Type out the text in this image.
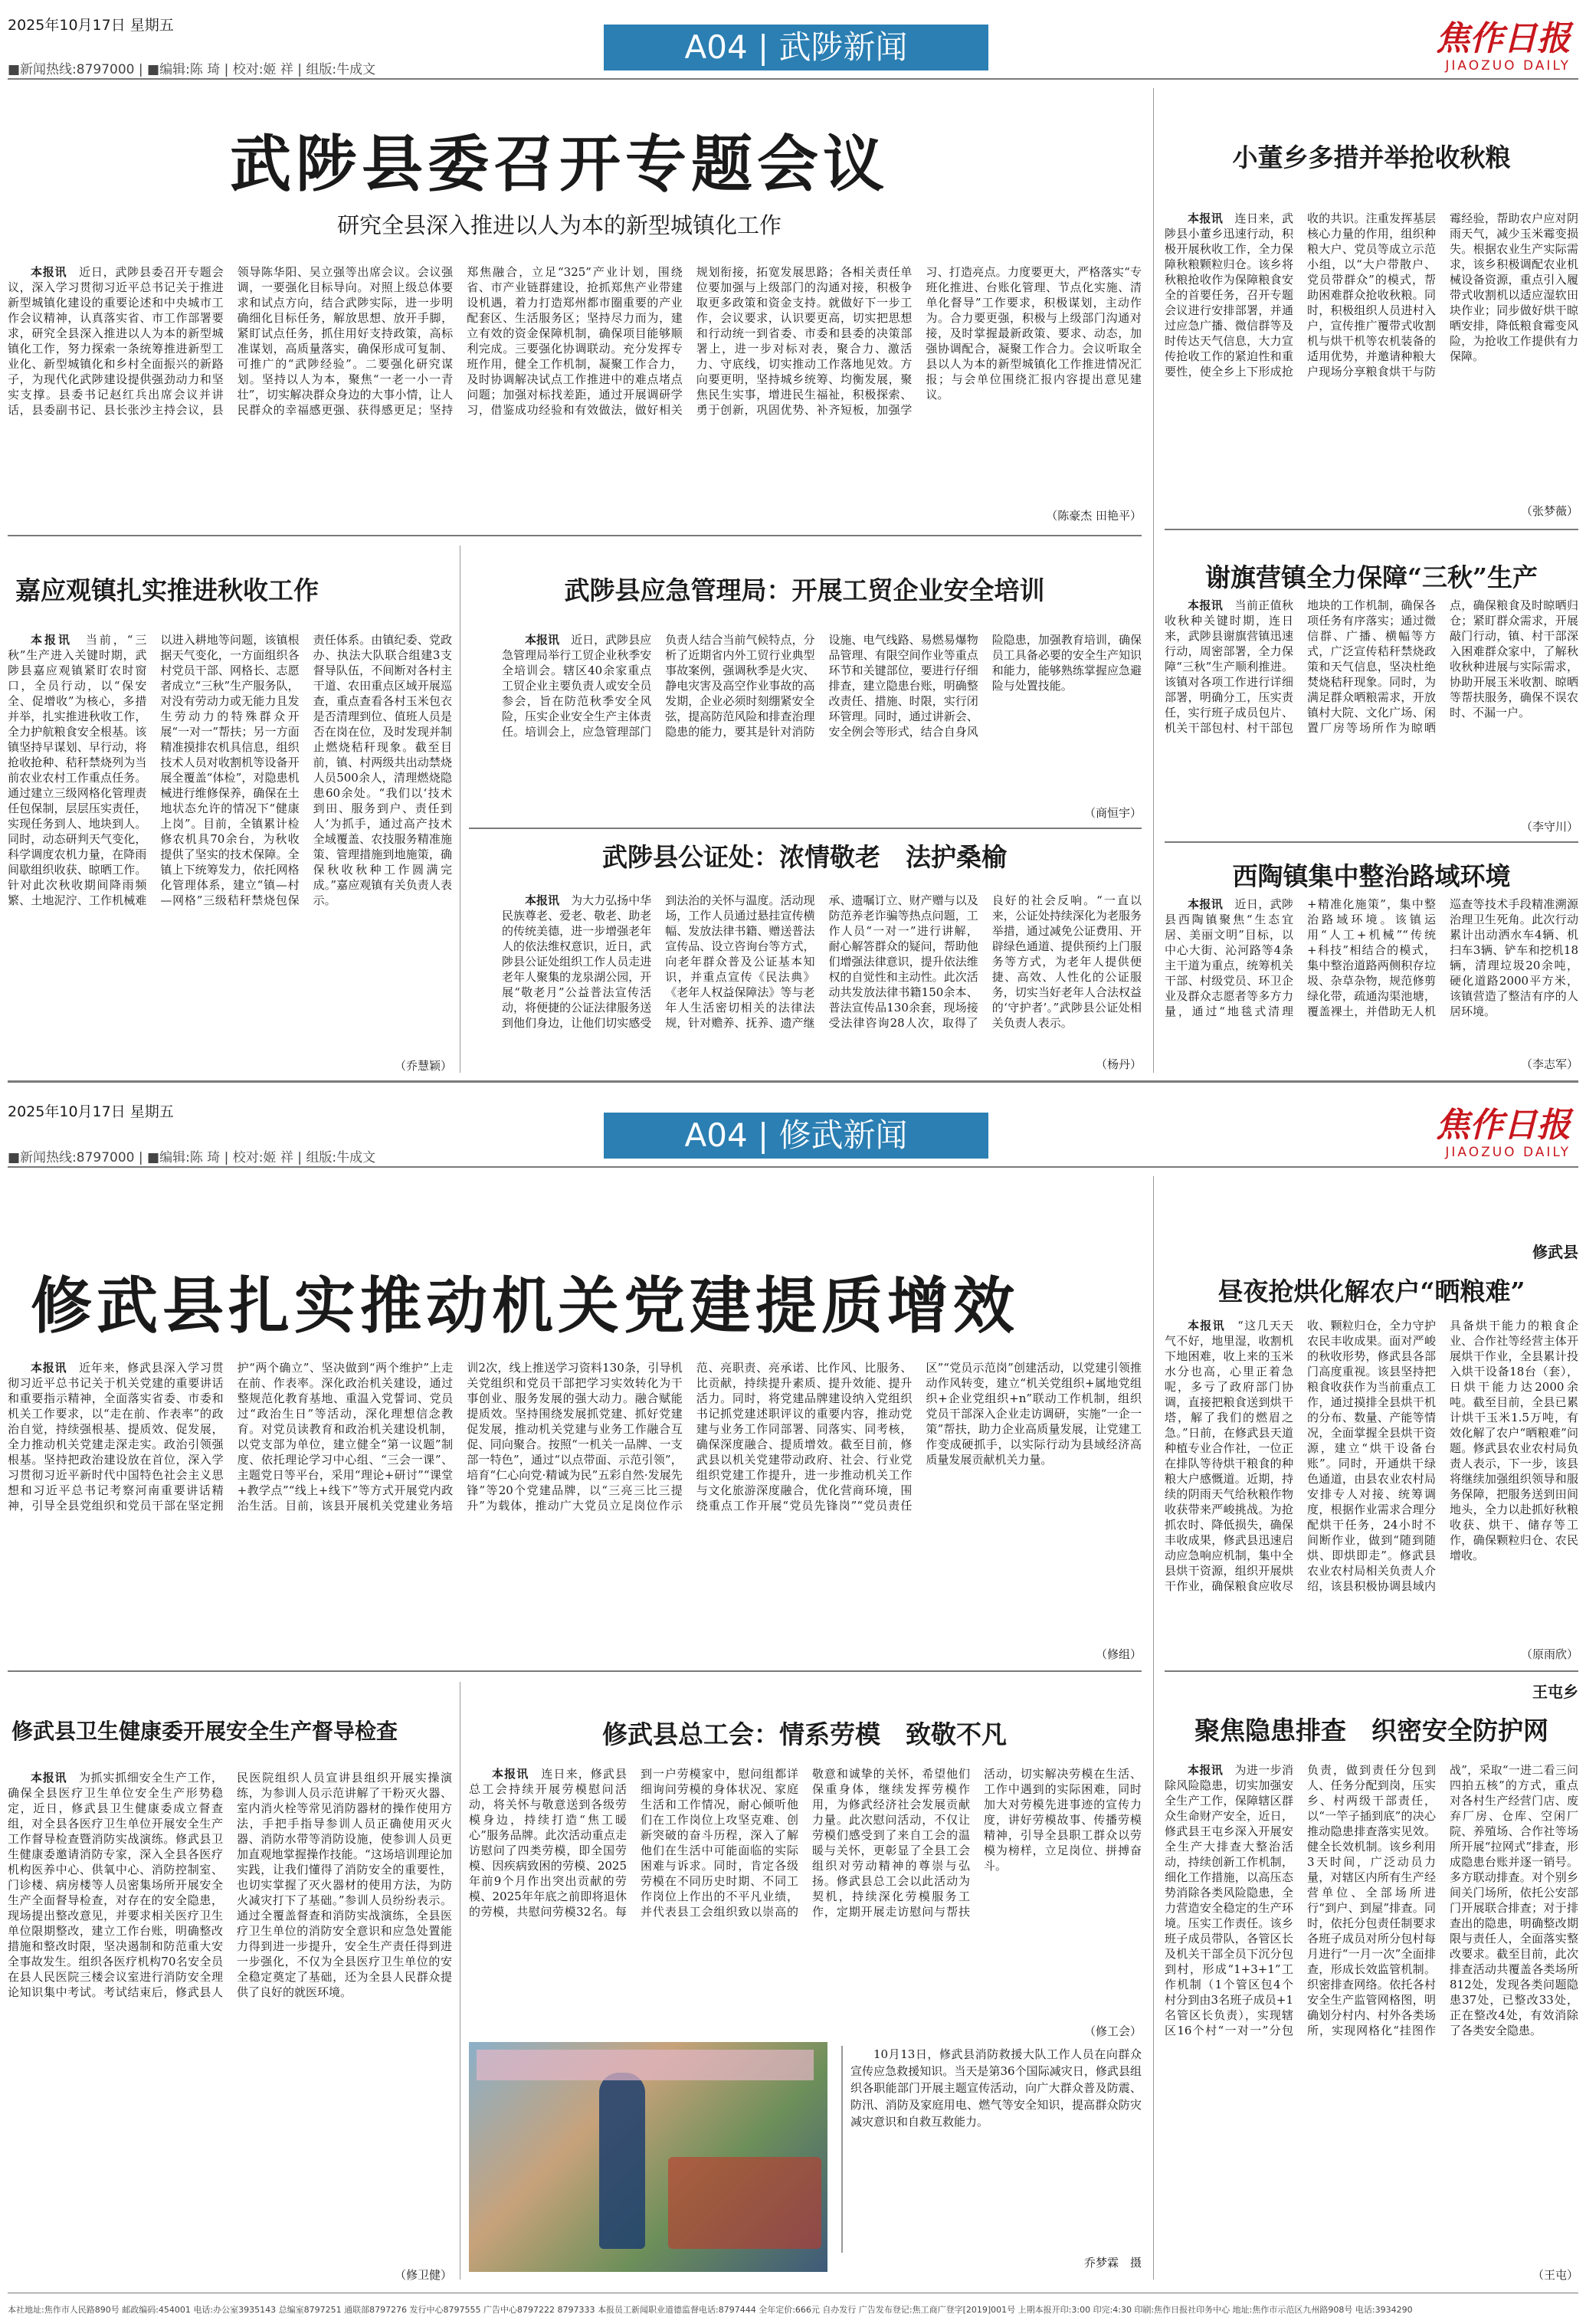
2025年10月17日 星期五
■新闻热线:8797000 | ■编辑:陈 琦 | 校对:姬 祥 | 组版:牛成文
A04 | 武陟新闻	焦作日报
JIAOZUO DAILY
武陟县委召开专题会议
研究全县深入推进以人为本的新型城镇化工作
本报讯　 近日，武陟县委召开专题会议，深入学习贯彻习近平总书记关于推进新型城镇化建设的重要论述和中央城市工作会议精神，认真落实省、市工作部署要求，研究全县深入推进以人为本的新型城镇化工作，努力探索一条统筹推进新型工业化、新型城镇化和乡村全面振兴的新路子，为现代化武陟建设提供强劲动力和坚实支撑。县委书记赵红兵出席会议并讲话，县委副书记、县长张沙主持会议，县领导陈华阳、吴立强等出席会议。会议强调，一要强化目标导向。对照上级总体要求和试点方向，结合武陟实际，进一步明确细化目标任务，解放思想、放开手脚，紧盯试点任务，抓住用好支持政策，高标准谋划，高质量落实，确保形成可复制、可推广的“武陟经验”。二要强化研究谋划。坚持以人为本，聚焦“一老一小一青壮”，切实解决群众身边的大事小情，让人民群众的幸福感更强、获得感更足；坚持郑焦融合，立足“325”产业计划，围绕省、市产业链群建设，抢抓郑焦产业带建设机遇，着力打造郑州都市圈重要的产业配套区、生活服务区；坚持尽力而为，建立有效的资金保障机制，确保项目能够顺利完成。三要强化协调联动。充分发挥专班作用，健全工作机制，凝聚工作合力，及时协调解决试点工作推进中的难点堵点问题；加强对标找差距，通过开展调研学习，借鉴成功经验和有效做法，做好相关规划衔接，拓宽发展思路；各相关责任单位要加强与上级部门的沟通对接，积极争取更多政策和资金支持。就做好下一步工作，会议要求，认识要更高，切实把思想和行动统一到省委、市委和县委的决策部署上，进一步对标对表，聚合力、激活力、守底线，切实推动工作落地见效。方向要更明，坚持城乡统筹、均衡发展，聚焦民生实事，增进民生福祉，积极探索、勇于创新，巩固优势、补齐短板，加强学习、打造亮点。力度要更大，严格落实“专班化推进、台账化管理、节点化实施、清单化督导”工作要求，积极谋划，主动作为。合力要更强，积极与上级部门沟通对接，及时掌握最新政策、要求、动态，加强协调配合，凝聚工作合力。会议听取全县以人为本的新型城镇化工作推进情况汇报；与会单位围绕汇报内容提出意见建议。
（陈豪杰 田艳平）
小董乡多措并举抢收秋粮
本报讯　 连日来，武陟县小董乡迅速行动，积极开展秋收工作，全力保障秋粮颗粒归仓。该乡将秋粮抢收作为保障粮食安全的首要任务，召开专题会议进行安排部署，并通过应急广播、微信群等及时传达天气信息，大力宣传抢收工作的紧迫性和重要性，使全乡上下形成抢收的共识。注重发挥基层核心力量的作用，组织种粮大户、党员等成立示范小组，以“大户带散户、党员带群众”的模式，帮助困难群众抢收秋粮。同时，积极组织人员进村入户，宣传推广覆带式收割机与烘干机等农机装备的适用优势，并邀请种粮大户现场分享粮食烘干与防霉经验，帮助农户应对阴雨天气，减少玉米霉变损失。根据农业生产实际需求，该乡积极调配农业机械设备资源，重点引入履带式收割机以适应湿软田块作业；同步做好烘干晾晒安排，降低粮食霉变风险，为抢收工作提供有力保障。
（张梦薇）
谢旗营镇全力保障“三秋”生产
本报讯　 当前正值秋收秋种关键时期，连日来，武陟县谢旗营镇迅速行动，周密部署，全力保障“三秋”生产顺利推进。该镇对各项工作进行详细部署，明确分工，压实责任，实行班子成员包片、机关干部包村、村干部包地块的工作机制，确保各项任务有序落实；通过微信群、广播、横幅等方式，广泛宣传秸秆禁烧政策和天气信息，坚决杜绝焚烧秸秆现象。同时，为满足群众晒粮需求，开放镇村大院、文化广场、闲置厂房等场所作为晾晒点，确保粮食及时晾晒归仓；紧盯群众需求，开展敲门行动，镇、村干部深入困难群众家中，了解秋收秋种进展与实际需求，协助开展玉米收割、晾晒等帮扶服务，确保不误农时、不漏一户。
（李守川）
西陶镇集中整治路域环境
本报讯　 近日，武陟县西陶镇聚焦“生态宜居、美丽文明”目标，以中心大街、沁河路等4条主干道为重点，统筹机关干部、村级党员、环卫企业及群众志愿者等多方力量，通过“地毯式清理+精准化施策”，集中整治路域环境。该镇运用“人工+机械”“传统+科技”相结合的模式，集中整治道路两侧积存垃圾、杂草杂物，规范修剪绿化带，疏通沟渠池塘，覆盖裸土，并借助无人机巡查等技术手段精准溯源治理卫生死角。此次行动累计出动洒水车4辆、机扫车3辆、铲车和挖机18辆，清理垃圾20余吨，硬化道路2000平方米，该镇营造了整洁有序的人居环境。
（李志军）
嘉应观镇扎实推进秋收工作
本报讯　 当前，“三秋”生产进入关键时期，武陟县嘉应观镇紧盯农时窗口，全员行动，以“保安全、促增收”为核心，多措并举，扎实推进秋收工作，全力护航粮食安全根基。该镇坚持早谋划、早行动，将抢收抢种、秸秆禁烧列为当前农业农村工作重点任务。通过建立三级网格化管理责任包保制，层层压实责任，实现任务到人、地块到人。同时，动态研判天气变化，科学调度农机力量，在降雨间歇组织收获、晾晒工作。针对此次秋收期间降雨频繁、土地泥泞、工作机械难以进入耕地等问题，该镇根据天气变化，一方面组织各村党员干部、网格长、志愿者成立“三秋”生产服务队，对没有劳动力或无能力且发生劳动力的特殊群众开展“一对一”帮扶；另一方面精准摸排农机具信息，组织技术人员对收割机等设备开展全覆盖“体检”，对隐患机械进行维修保养，确保在土地状态允许的情况下“健康上岗”。目前，全镇累计检修农机具70余台，为秋收提供了坚实的技术保障。全镇上下统筹发力，依托网格化管理体系，建立“镇—村—网格”三级秸秆禁烧包保责任体系。由镇纪委、党政办、执法大队联合组建3支督导队伍，不间断对各村主干道、农田重点区域开展巡查，重点查看各村玉米包衣是否清理到位、值班人员是否在岗在位，及时发现并制止燃烧秸秆现象。截至目前，镇、村两级共出动禁烧人员500余人，清理燃烧隐患60余处。“我们以‘技术到田、服务到户、责任到人’为抓手，通过高产技术全域覆盖、农技服务精准施策、管理措施到地施策，确保秋收秋种工作圆满完成。”嘉应观镇有关负责人表示。
（乔慧颖）
武陟县应急管理局：开展工贸企业安全培训
本报讯　 近日，武陟县应急管理局举行工贸企业秋季安全培训会。辖区40余家重点工贸企业主要负责人或安全员参会，旨在防范秋季安全风险，压实企业安全生产主体责任。培训会上，应急管理部门负责人结合当前气候特点，分析了近期省内外工贸行业典型事故案例，强调秋季是火灾、静电灾害及高空作业事故的高发期，企业必须时刻绷紧安全弦，提高防范风险和排查治理隐患的能力，要其是针对消防设施、电气线路、易燃易爆物品管理、有限空间作业等重点环节和关键部位，要进行仔细排查，建立隐患台账，明确整改责任、措施、时限，实行闭环管理。同时，通过讲新会、安全例会等形式，结合自身风险隐患，加强教育培训，确保员工具备必要的安全生产知识和能力，能够熟练掌握应急避险与处置技能。
（商恒宇）
武陟县公证处：浓情敬老　法护桑榆
本报讯　 为大力弘扬中华民族尊老、爱老、敬老、助老的传统美德，进一步增强老年人的依法维权意识，近日，武陟县公证处组织工作人员走进老年人聚集的龙泉湖公园，开展“敬老月”公益普法宣传活动，将便捷的公证法律服务送到他们身边，让他们切实感受到法治的关怀与温度。活动现场，工作人员通过悬挂宣传横幅、发放法律书籍、赠送普法宣传品、设立咨询台等方式，向老年群众普及公证基本知识，并重点宣传《民法典》《老年人权益保障法》等与老年人生活密切相关的法律法规，针对赡养、抚养、遗产继承、遗嘱订立、财产赠与以及防范养老诈骗等热点问题，工作人员“一对一”进行讲解，耐心解答群众的疑问，帮助他们增强法律意识，提升依法维权的自觉性和主动性。此次活动共发放法律书籍150余本、普法宣传品130余套，现场接受法律咨询28人次，取得了良好的社会反响。“一直以来，公证处持续深化为老服务举措，通过减免公证费用、开辟绿色通道、提供预约上门服务等方式，为老年人提供便捷、高效、人性化的公证服务，切实当好老年人合法权益的‘守护者’。”武陟县公证处相关负责人表示。
（杨丹）
2025年10月17日 星期五
■新闻热线:8797000 | ■编辑:陈 琦 | 校对:姬 祥 | 组版:牛成文
A04 | 修武新闻	焦作日报
JIAOZUO DAILY
修武县扎实推动机关党建提质增效
本报讯　 近年来，修武县深入学习贯彻习近平总书记关于机关党建的重要讲话和重要指示精神，全面落实省委、市委和机关工作要求，以“走在前、作表率”的政治自觉，持续强根基、提质效、促发展，全力推动机关党建走深走实。政治引领强根基。坚持把政治建设放在首位，深入学习贯彻习近平新时代中国特色社会主义思想和习近平总书记考察河南重要讲话精神，引导全县党组织和党员干部在坚定拥护“两个确立”、坚决做到“两个维护”上走在前、作表率。深化政治机关建设，通过整规范化教育基地、重温入党誓词、党员过“政治生日”等活动，深化理想信念教育。对党员读教育和政治机关建设机制，以党支部为单位，建立健全“第一议题”制度、依托理论学习中心组、“三会一课”、主题党日等平台，采用“理论+研讨”“课堂+教学点”“线上+线下”等方式开展党内政治生活。目前，该县开展机关党建业务培训2次，线上推送学习资料130条，引导机关党组织和党员干部把学习实效转化为干事创业、服务发展的强大动力。融合赋能提质效。坚持围绕发展抓党建、抓好党建促发展，推动机关党建与业务工作融合互促、同向聚合。按照“一机关一品牌、一支部一特色”，通过“以点带面、示范引领”，培育“仁心向党·精诚为民”五彩自然·发展先锋”等20个党建品牌，以“三亮三比三提升”为载体，推动广大党员立足岗位作示范、亮职责、亮承诺、比作风、比服务、比贡献，持续提升素质、提升效能、提升活力。同时，将党建品牌建设纳入党组织书记抓党建述职评议的重要内容，推动党建与业务工作同部署、同落实、同考核，确保深度融合、提质增效。截至目前，修武县以机关党建带动政府、社会、行业党组织党建工作提升，进一步推动机关工作与文化旅游深度融合，优化营商环境，围绕重点工作开展“党员先锋岗”“党员责任区”“党员示范岗”创建活动，以党建引领推动作风转变，建立“机关党组织+属地党组织+企业党组织+n”联动工作机制，组织党员干部深入企业走访调研，实施“一企一策”帮扶，助力企业高质量发展，让党建工作变成硬抓手，以实际行动为县域经济高质量发展贡献机关力量。
（修组）
修武县
昼夜抢烘化解农户“晒粮难”
本报讯　 “这几天天气不好，地里湿，收割机下地困难，收上来的玉米水分也高，心里正着急呢，多亏了政府部门协调，直接把粮食送到烘干塔，解了我们的燃眉之急。”日前，在修武县天道种植专业合作社，一位正在排队等待烘干粮食的种粮大户感慨道。近期，持续的阴雨天气给秋粮作物收获带来严峻挑战。为抢抓农时、降低损失，确保丰收成果，修武县迅速启动应急响应机制，集中全县烘干资源，组织开展烘干作业，确保粮食应收尽收、颗粒归仓，全力守护农民丰收成果。面对严峻的秋收形势，修武县各部门高度重视。该县坚持把粮食收获作为当前重点工作，通过摸排全县烘干机的分布、数量、产能等情况，全面掌握全县烘干资源，建立“烘干设备台账”。同时，开通烘干绿色通道，由县农业农村局安排专人对接、统筹调度，根据作业需求合理分配烘干任务，24小时不间断作业，做到“随到随烘、即烘即走”。修武县农业农村局相关负责人介绍，该县积极协调县域内具备烘干能力的粮食企业、合作社等经营主体开展烘干作业，全县累计投入烘干设备18台（套），日烘干能力达2000余吨。截至目前，全县已累计烘干玉米1.5万吨，有效化解了农户“晒粮难”问题。修武县农业农村局负责人表示，下一步，该县将继续加强组织领导和服务保障，把服务送到田间地头，全力以赴抓好秋粮收获、烘干、储存等工作，确保颗粒归仓、农民增收。
（原雨欣）
王屯乡
聚焦隐患排查　织密安全防护网
本报讯　 为进一步消除风险隐患，切实加强安全生产工作，保障辖区群众生命财产安全，近日，修武县王屯乡深入开展安全生产大排查大整治活动，持续创新工作机制，细化工作措施，以高压态势消除各类风险隐患，全力营造安全稳定的生产环境。压实工作责任。该乡班子成员带队，各管区长及机关干部全员下沉分包到村，形成“1+3+1”工作机制（1个管区包4个村分到由3名班子成员+1名管区长负责），实现辖区16个村“一对一”分包负责，做到责任分包到人、任务分配到岗，压实乡、村两级干部责任，以“一竿子插到底”的决心推动隐患排查落实见效。健全长效机制。该乡利用3天时间，广泛动员力量，对辖区内所有生产经营单位、全部场所进行“到户、到屋”排查。同时，依托分包责任制要求各班子成员对所分包村每月进行“一月一次”全面排查，形成长效监管机制。织密排查网络。依托各村安全生产监管网格图，明确划分村内、村外各类场所，实现网格化“挂图作战”，采取“一进二看三问四拍五核”的方式，重点对各村生产经营门店、废弃厂房、仓库、空闲厂院、养殖场、合作社等场所开展“拉网式”排查，形成隐患台账并逐一销号。多方联动排查。对个别乡间关门场所，依托公安部门开展联合排查；对于排查出的隐患，明确整改期限与责任人，全面落实整改要求。截至目前，此次排查活动共覆盖各类场所812处，发现各类问题隐患37处，已整改33处，正在整改4处，有效消除了各类安全隐患。
（王屯）
修武县卫生健康委开展安全生产督导检查
本报讯　 为抓实抓细安全生产工作，确保全县医疗卫生单位安全生产形势稳定，近日，修武县卫生健康委成立督查组，对全县各医疗卫生单位开展安全生产工作督导检查暨消防实战演练。修武县卫生健康委邀请消防专家，深入全县各医疗机构医养中心、供氧中心、消防控制室、门诊楼、病房楼等人员密集场所开展安全生产全面督导检查，对存在的安全隐患，现场提出整改意见，并要求相关医疗卫生单位限期整改，建立工作台账，明确整改措施和整改时限，坚决遏制和防范重大安全事故发生。组织各医疗机构70名安全员在县人民医院三楼会议室进行消防安全理论知识集中考试。考试结束后，修武县人民医院组织人员宣讲县组织开展实操演练，为参训人员示范讲解了干粉灭火器、室内消火栓等常见消防器材的操作使用方法，手把手指导参训人员正确使用灭火器、消防水带等消防设施，使参训人员更加直观地掌握操作技能。“这场培训理论加实践，让我们懂得了消防安全的重要性，也切实掌握了灭火器材的使用方法，为防火减灾打下了基础。”参训人员纷纷表示。通过全覆盖督查和消防实战演练，全县医疗卫生单位的消防安全意识和应急处置能力得到进一步提升，安全生产责任得到进一步强化，不仅为全县医疗卫生单位的安全稳定奠定了基础，还为全县人民群众提供了良好的就医环境。
（修卫健）
修武县总工会：情系劳模　致敬不凡
本报讯　 连日来，修武县总工会持续开展劳模慰问活动，将关怀与敬意送到各级劳模身边，持续打造“焦工暖心”服务品牌。此次活动重点走访慰问了四类劳模，即全国劳模、因疾病致困的劳模、2025年前9个月作出突出贡献的劳模、2025年年底之前即将退休的劳模，共慰问劳模32名。每到一户劳模家中，慰问组都详细询问劳模的身体状况、家庭生活和工作情况，耐心倾听他们在工作岗位上攻坚克难、创新突破的奋斗历程，深入了解他们在生活中可能面临的实际困难与诉求。同时，肯定各级劳模在不同历史时期、不同工作岗位上作出的不平凡业绩，并代表县工会组织致以崇高的敬意和诚挚的关怀，希望他们保重身体，继续发挥劳模作用，为修武经济社会发展贡献力量。此次慰问活动，不仅让劳模们感受到了来自工会的温暖与关怀，更彰显了全县工会组织对劳动精神的尊崇与弘扬。修武县总工会以此活动为契机，持续深化劳模服务工作，定期开展走访慰问与帮扶活动，切实解决劳模在生活、工作中遇到的实际困难，同时加大对劳模先进事迹的宣传力度，讲好劳模故事、传播劳模精神，引导全县职工群众以劳模为榜样，立足岗位、拼搏奋斗。
（修工会）
10月13日，修武县消防救援大队工作人员在向群众宣传应急救援知识。当天是第36个国际减灾日，修武县组织各职能部门开展主题宣传活动，向广大群众普及防震、防汛、消防及家庭用电、燃气等安全知识，提高群众防灾减灾意识和自救互救能力。
乔梦霖　摄
本社地址:焦作市人民路890号 邮政编码:454001 电话:办公室3935143 总编室8797251 通联部8797276 发行中心8797555 广告中心8797222 8797333 本报员工新闻职业道德监督电话:8797444 全年定价:666元 自办发行 广告发布登记:焦工商广登字[2019]001号 上期本报开印:3:00 印完:4:30 印刷:焦作日报社印务中心 地址:焦作市示范区九州路908号 电话:3934290
